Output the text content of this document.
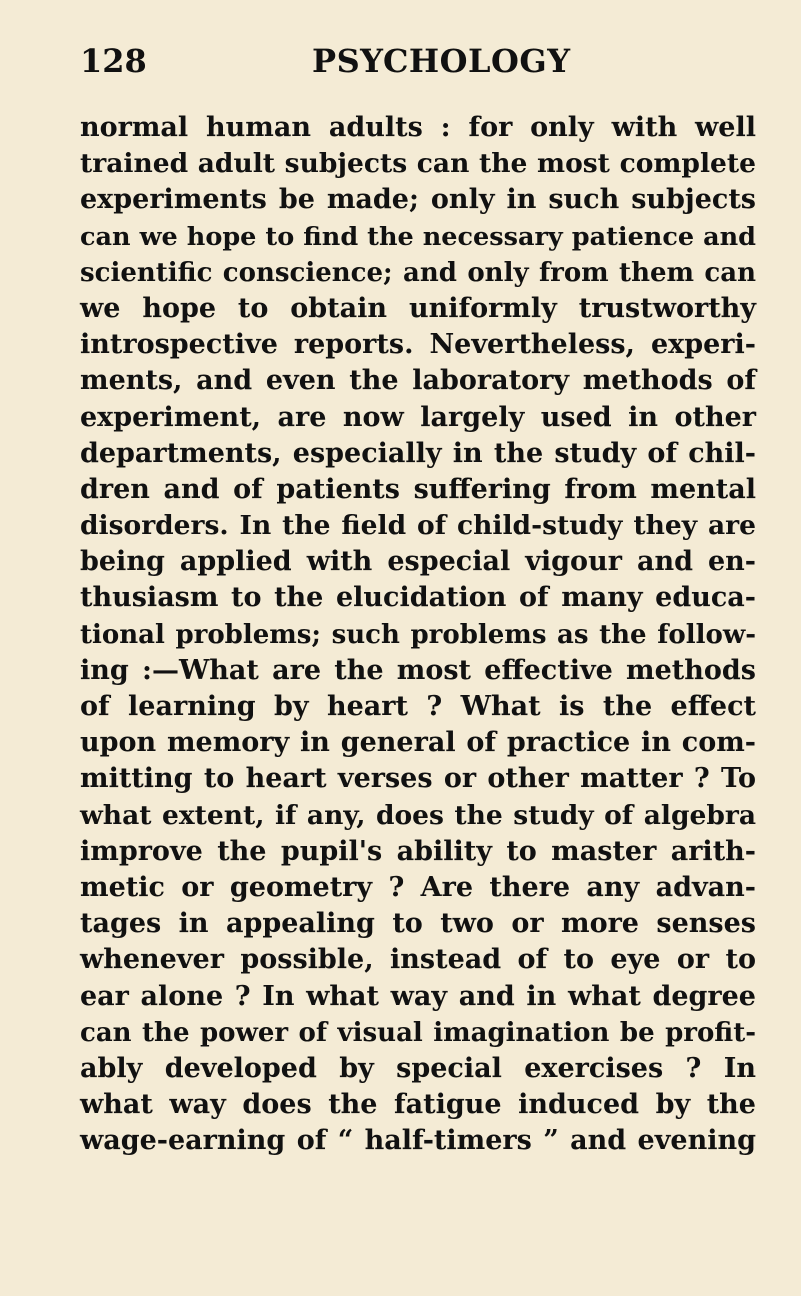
128	PSYCHOLOGY
normal human adults : for only with well
trained adult subjects can the most complete
experiments be made; only in such subjects
can we hope to find the necessary patience and
scientific conscience; and only from them can
we hope to obtain uniformly trustworthy
introspective reports. Nevertheless, experi-
ments, and even the laboratory methods of
experiment, are now largely used in other
departments, especially in the study of chil-
dren and of patients suffering from mental
disorders. In the field of child-study they are
being applied with especial vigour and en-
thusiasm to the elucidation of many educa-
tional problems; such problems as the follow-
ing :—What are the most effective methods
of learning by heart ? What is the effect
upon memory in general of practice in com-
mitting to heart verses or other matter ? To
what extent, if any, does the study of algebra
improve the pupil's ability to master arith-
metic or geometry ? Are there any advan-
tages in appealing to two or more senses
whenever possible, instead of to eye or to
ear alone ? In what way and in what degree
can the power of visual imagination be profit-
ably developed by special exercises ? In
what way does the fatigue induced by the
wage-earning of “ half-timers ” and evening
